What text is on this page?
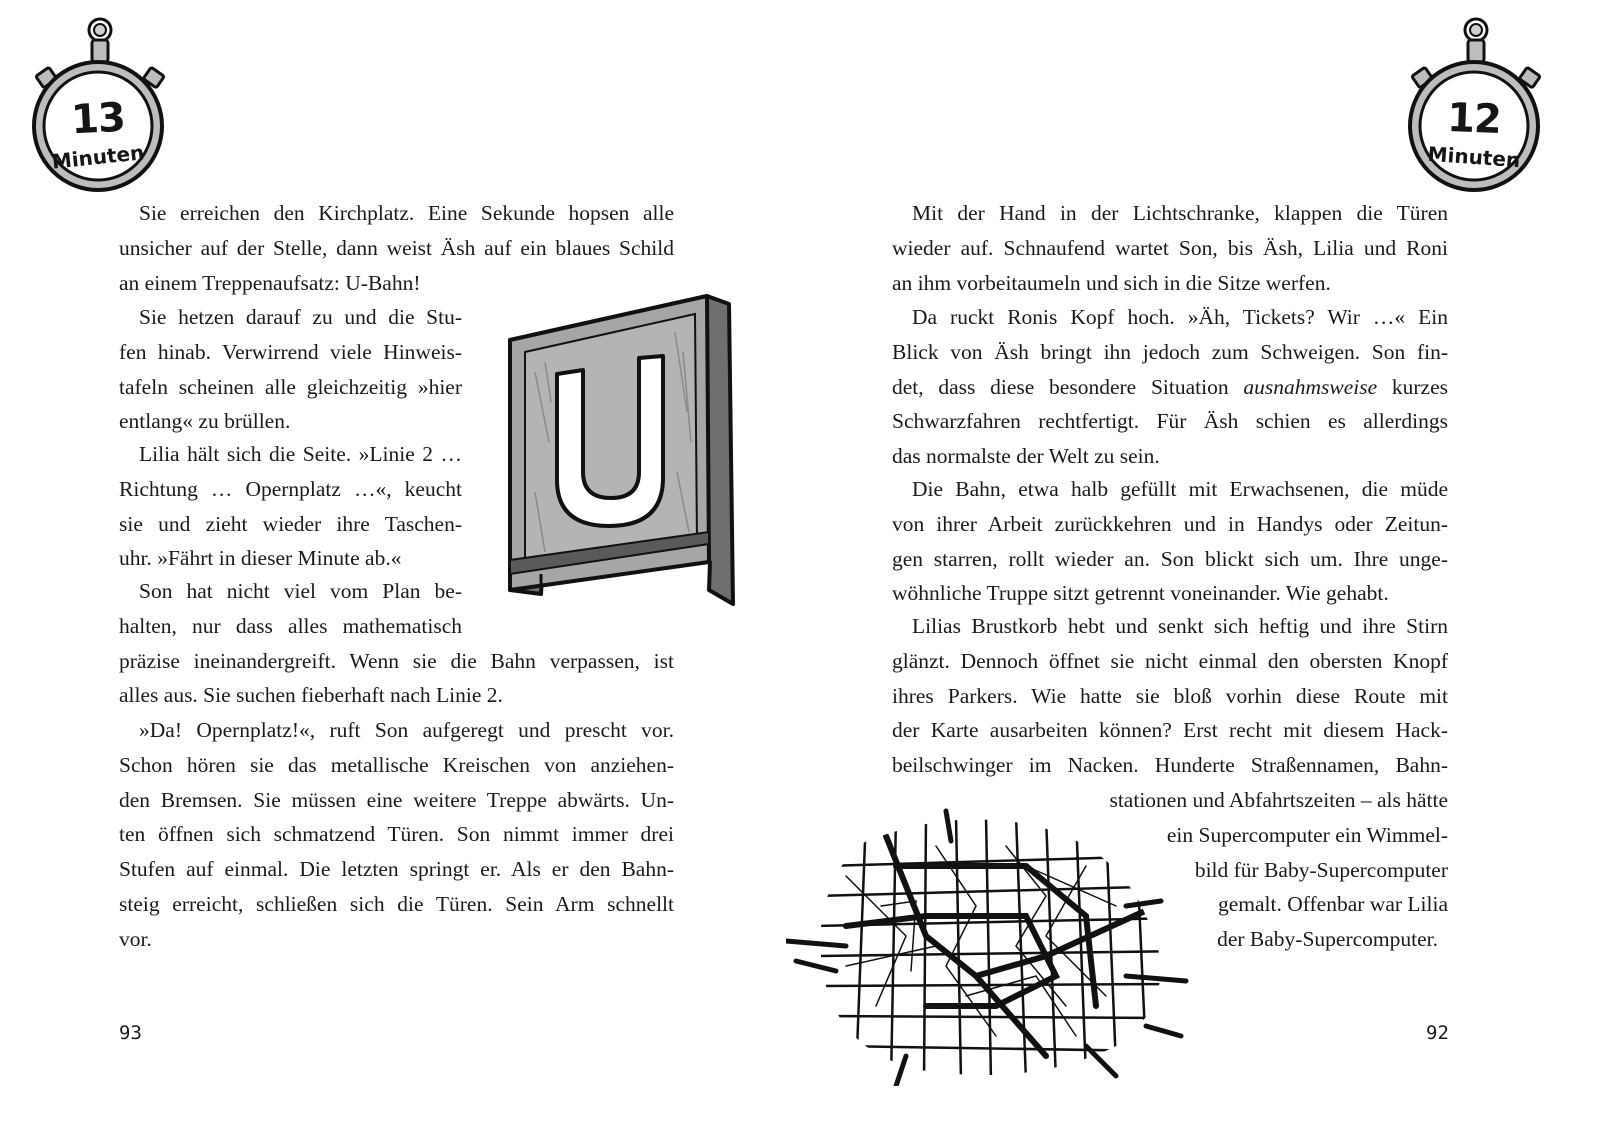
13
Minuten
Sie erreichen den Kirchplatz. Eine Sekunde hopsen alle
unsicher auf der Stelle, dann weist Äsh auf ein blaues Schild
an einem Treppenaufsatz: U-Bahn!
Sie hetzen darauf zu und die Stu-
fen hinab. Verwirrend viele Hinweis-
tafeln scheinen alle gleichzeitig »hier
entlang« zu brüllen.
Lilia hält sich die Seite. »Linie 2 …
Richtung … Opernplatz …«, keucht
sie und zieht wieder ihre Taschen-
uhr. »Fährt in dieser Minute ab.«
Son hat nicht viel vom Plan be-
halten, nur dass alles mathematisch
präzise ineinandergreift. Wenn sie die Bahn verpassen, ist
alles aus. Sie suchen fieberhaft nach Linie 2.
»Da! Opernplatz!«, ruft Son aufgeregt und prescht vor.
Schon hören sie das metallische Kreischen von anziehen-
den Bremsen. Sie müssen eine weitere Treppe abwärts. Un-
ten öffnen sich schmatzend Türen. Son nimmt immer drei
Stufen auf einmal. Die letzten springt er. Als er den Bahn-
steig erreicht, schließen sich die Türen. Sein Arm schnellt
vor.
93
12
Minuten
Mit der Hand in der Lichtschranke, klappen die Türen
wieder auf. Schnaufend wartet Son, bis Äsh, Lilia und Roni
an ihm vorbeitaumeln und sich in die Sitze werfen.
Da ruckt Ronis Kopf hoch. »Äh, Tickets? Wir …« Ein
Blick von Äsh bringt ihn jedoch zum Schweigen. Son fin-
det, dass diese besondere Situation ausnahmsweise kurzes
Schwarzfahren rechtfertigt. Für Äsh schien es allerdings
das normalste der Welt zu sein.
Die Bahn, etwa halb gefüllt mit Erwachsenen, die müde
von ihrer Arbeit zurückkehren und in Handys oder Zeitun-
gen starren, rollt wieder an. Son blickt sich um. Ihre unge-
wöhnliche Truppe sitzt getrennt voneinander. Wie gehabt.
Lilias Brustkorb hebt und senkt sich heftig und ihre Stirn
glänzt. Dennoch öffnet sie nicht einmal den obersten Knopf
ihres Parkers. Wie hatte sie bloß vorhin diese Route mit
der Karte ausarbeiten können? Erst recht mit diesem Hack-
beilschwinger im Nacken. Hunderte Straßennamen, Bahn-
stationen und Abfahrtszeiten – als hätte
ein Supercomputer ein Wimmel-
bild für Baby-Supercomputer
gemalt. Offenbar war Lilia
der Baby-Supercomputer.
92
